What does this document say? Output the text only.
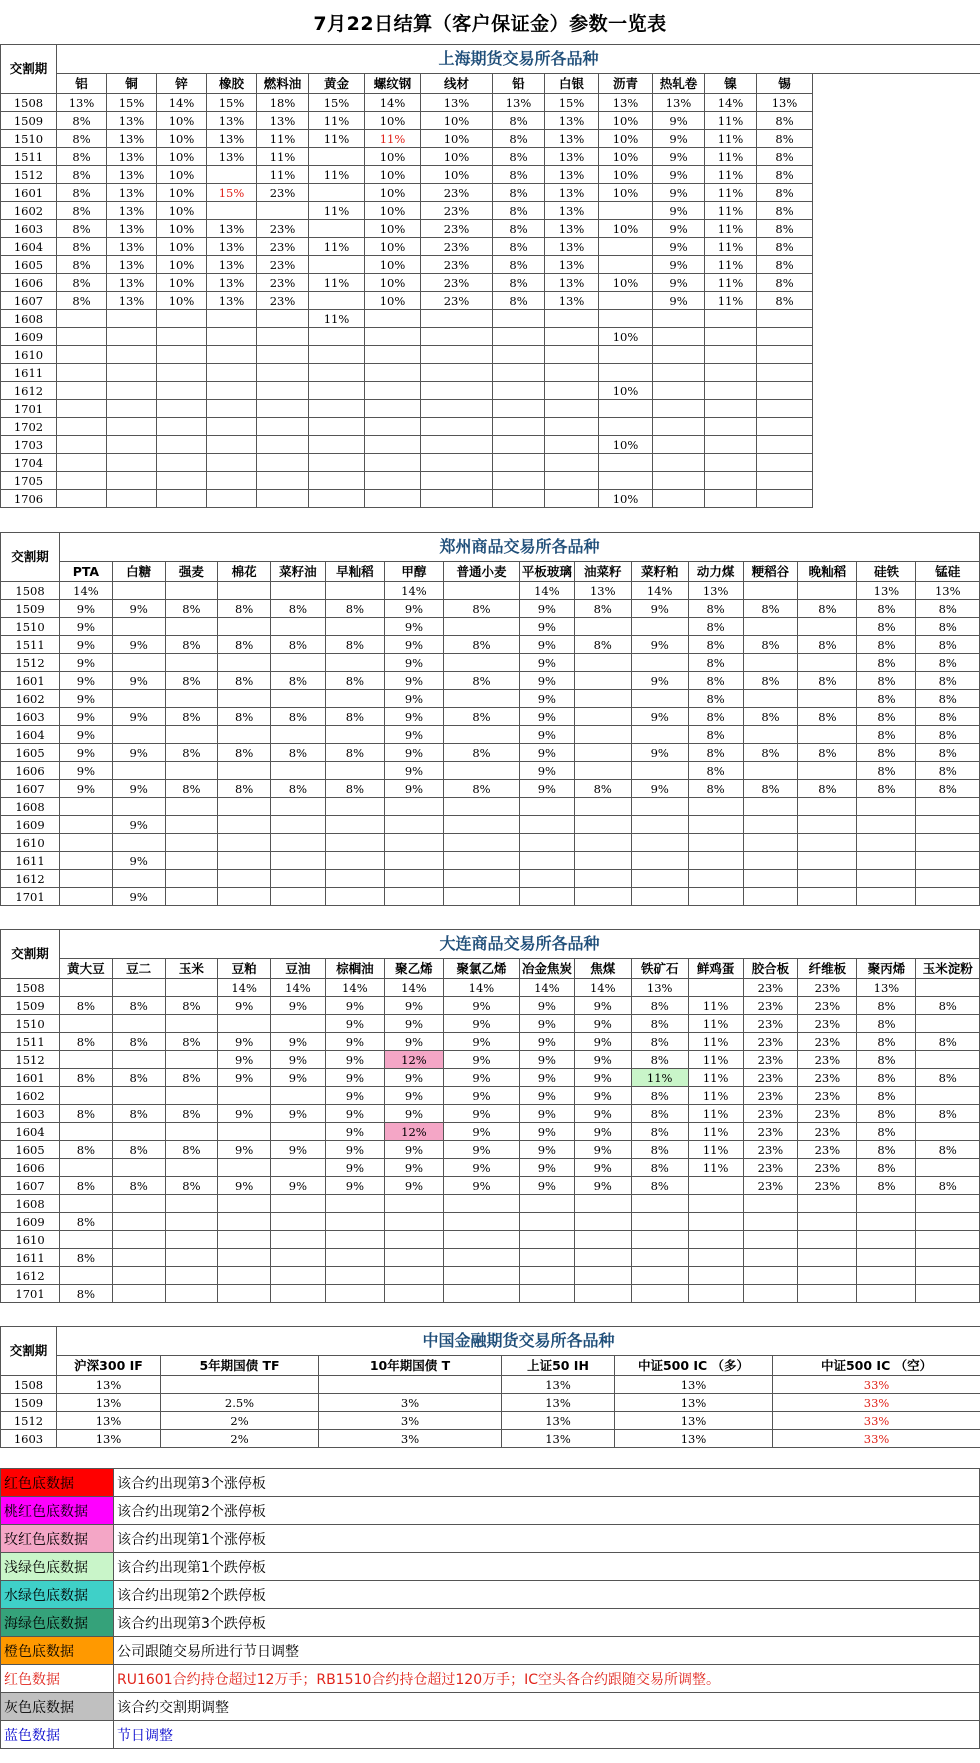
7月22日结算（客户保证金）参数一览表
交割期	上海期货交易所各品种														
	铝	铜	锌	橡胶	燃料油	黄金	螺纹钢	线材	铅	白银	沥青	热轧卷	镍	锡	
1508	13%	15%	14%	15%	18%	15%	14%	13%	13%	15%	13%	13%	14%	13%	
1509	8%	13%	10%	13%	13%	11%	10%	10%	8%	13%	10%	9%	11%	8%	
1510	8%	13%	10%	13%	11%	11%	11%	10%	8%	13%	10%	9%	11%	8%	
1511	8%	13%	10%	13%	11%		10%	10%	8%	13%	10%	9%	11%	8%	
1512	8%	13%	10%		11%	11%	10%	10%	8%	13%	10%	9%	11%	8%	
1601	8%	13%	10%	15%	23%		10%	23%	8%	13%	10%	9%	11%	8%	
1602	8%	13%	10%			11%	10%	23%	8%	13%		9%	11%	8%	
1603	8%	13%	10%	13%	23%		10%	23%	8%	13%	10%	9%	11%	8%	
1604	8%	13%	10%	13%	23%	11%	10%	23%	8%	13%		9%	11%	8%	
1605	8%	13%	10%	13%	23%		10%	23%	8%	13%		9%	11%	8%	
1606	8%	13%	10%	13%	23%	11%	10%	23%	8%	13%	10%	9%	11%	8%	
1607	8%	13%	10%	13%	23%		10%	23%	8%	13%		9%	11%	8%	
1608						11%									
1609											10%				
1610															
1611															
1612											10%				
1701															
1702															
1703											10%				
1704															
1705															
1706											10%				
交割期	郑州商品交易所各品种															
	PTA	白糖	强麦	棉花	菜籽油	早籼稻	甲醇	普通小麦	平板玻璃	油菜籽	菜籽粕	动力煤	粳稻谷	晚籼稻	硅铁	锰硅
1508	14%						14%		14%	13%	14%	13%			13%	13%
1509	9%	9%	8%	8%	8%	8%	9%	8%	9%	8%	9%	8%	8%	8%	8%	8%
1510	9%						9%		9%			8%			8%	8%
1511	9%	9%	8%	8%	8%	8%	9%	8%	9%	8%	9%	8%	8%	8%	8%	8%
1512	9%						9%		9%			8%			8%	8%
1601	9%	9%	8%	8%	8%	8%	9%	8%	9%		9%	8%	8%	8%	8%	8%
1602	9%						9%		9%			8%			8%	8%
1603	9%	9%	8%	8%	8%	8%	9%	8%	9%		9%	8%	8%	8%	8%	8%
1604	9%						9%		9%			8%			8%	8%
1605	9%	9%	8%	8%	8%	8%	9%	8%	9%		9%	8%	8%	8%	8%	8%
1606	9%						9%		9%			8%			8%	8%
1607	9%	9%	8%	8%	8%	8%	9%	8%	9%	8%	9%	8%	8%	8%	8%	8%
1608																
1609		9%														
1610																
1611		9%														
1612																
1701		9%														
交割期	大连商品交易所各品种															
	黄大豆	豆二	玉米	豆粕	豆油	棕榈油	聚乙烯	聚氯乙烯	冶金焦炭	焦煤	铁矿石	鲜鸡蛋	胶合板	纤维板	聚丙烯	玉米淀粉
1508				14%	14%	14%	14%	14%	14%	14%	13%		23%	23%	13%	
1509	8%	8%	8%	9%	9%	9%	9%	9%	9%	9%	8%	11%	23%	23%	8%	8%
1510						9%	9%	9%	9%	9%	8%	11%	23%	23%	8%	
1511	8%	8%	8%	9%	9%	9%	9%	9%	9%	9%	8%	11%	23%	23%	8%	8%
1512				9%	9%	9%	12%	9%	9%	9%	8%	11%	23%	23%	8%	
1601	8%	8%	8%	9%	9%	9%	9%	9%	9%	9%	11%	11%	23%	23%	8%	8%
1602						9%	9%	9%	9%	9%	8%	11%	23%	23%	8%	
1603	8%	8%	8%	9%	9%	9%	9%	9%	9%	9%	8%	11%	23%	23%	8%	8%
1604						9%	12%	9%	9%	9%	8%	11%	23%	23%	8%	
1605	8%	8%	8%	9%	9%	9%	9%	9%	9%	9%	8%	11%	23%	23%	8%	8%
1606						9%	9%	9%	9%	9%	8%	11%	23%	23%	8%	
1607	8%	8%	8%	9%	9%	9%	9%	9%	9%	9%	8%		23%	23%	8%	8%
1608																
1609	8%															
1610																
1611	8%															
1612																
1701	8%															
交割期	中国金融期货交易所各品种					
	沪深300 IF	5年期国债 TF	10年期国债 T	上证50 IH	中证500 IC （多）	中证500 IC （空）
1508	13%			13%	13%	33%
1509	13%	2.5%	3%	13%	13%	33%
1512	13%	2%	3%	13%	13%	33%
1603	13%	2%	3%	13%	13%	33%
红色底数据	该合约出现第3个涨停板
桃红色底数据	该合约出现第2个涨停板
玫红色底数据	该合约出现第1个涨停板
浅绿色底数据	该合约出现第1个跌停板
水绿色底数据	该合约出现第2个跌停板
海绿色底数据	该合约出现第3个跌停板
橙色底数据	公司跟随交易所进行节日调整
红色数据	RU1601合约持仓超过12万手；RB1510合约持仓超过120万手；IC空头各合约跟随交易所调整。
灰色底数据	该合约交割期调整
蓝色数据	节日调整
